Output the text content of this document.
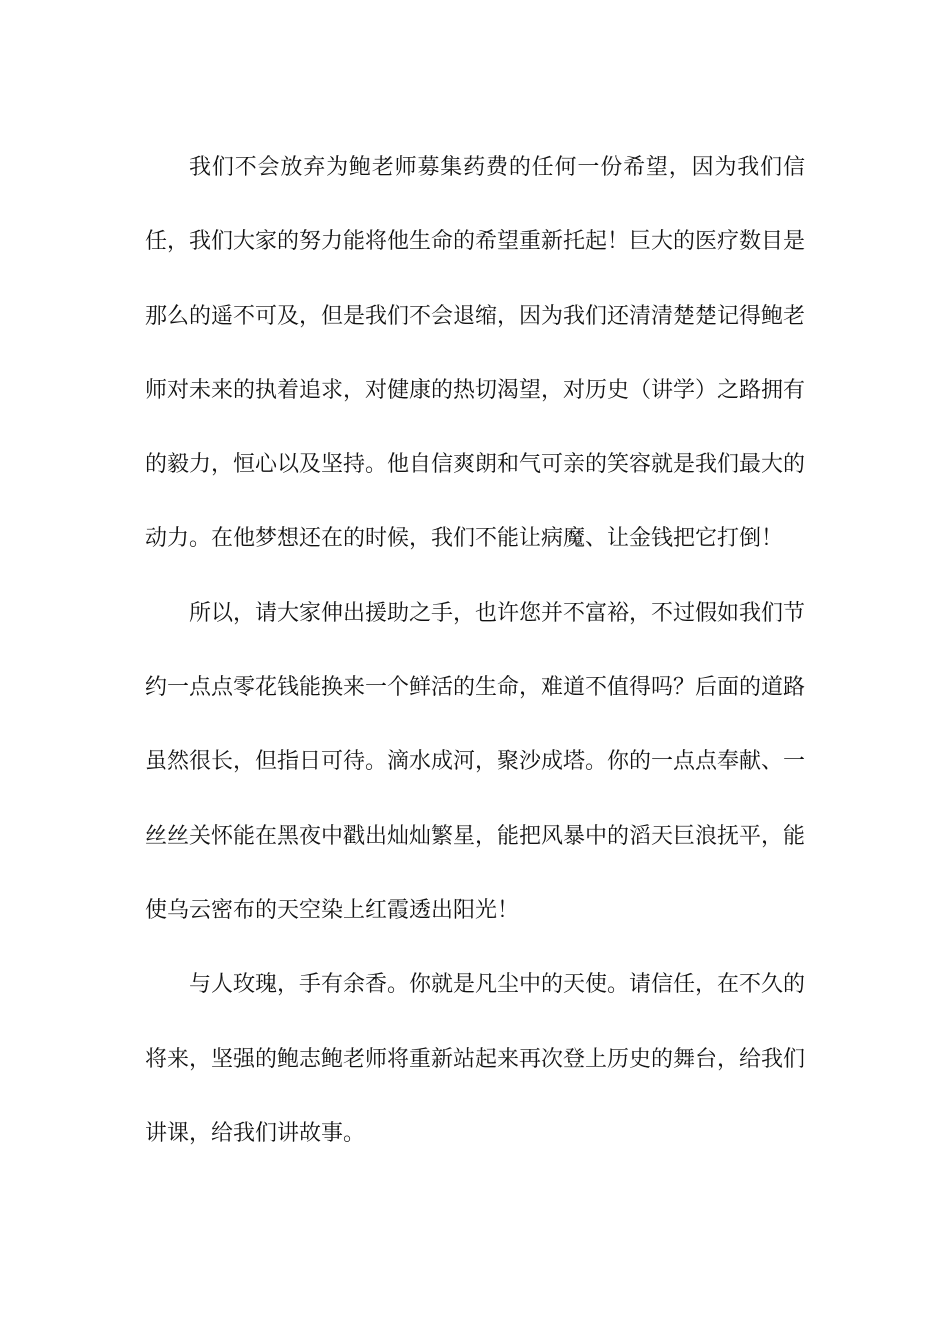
我们不会放弃为鲍老师募集药费的任何一份希望，因为我们信任，我们大家的努力能将他生命的希望重新托起！巨大的医疗数目是那么的遥不可及，但是我们不会退缩，因为我们还清清楚楚记得鲍老师对未来的执着追求，对健康的热切渴望，对历史（讲学）之路拥有的毅力，恒心以及坚持。他自信爽朗和气可亲的笑容就是我们最大的动力。在他梦想还在的时候，我们不能让病魔、让金钱把它打倒！

所以，请大家伸出援助之手，也许您并不富裕，不过假如我们节约一点点零花钱能换来一个鲜活的生命，难道不值得吗？后面的道路虽然很长，但指日可待。滴水成河，聚沙成塔。你的一点点奉献、一丝丝关怀能在黑夜中戳出灿灿繁星，能把风暴中的滔天巨浪抚平，能使乌云密布的天空染上红霞透出阳光！

与人玫瑰，手有余香。你就是凡尘中的天使。请信任，在不久的将来，坚强的鲍志鲍老师将重新站起来再次登上历史的舞台，给我们讲课，给我们讲故事。
